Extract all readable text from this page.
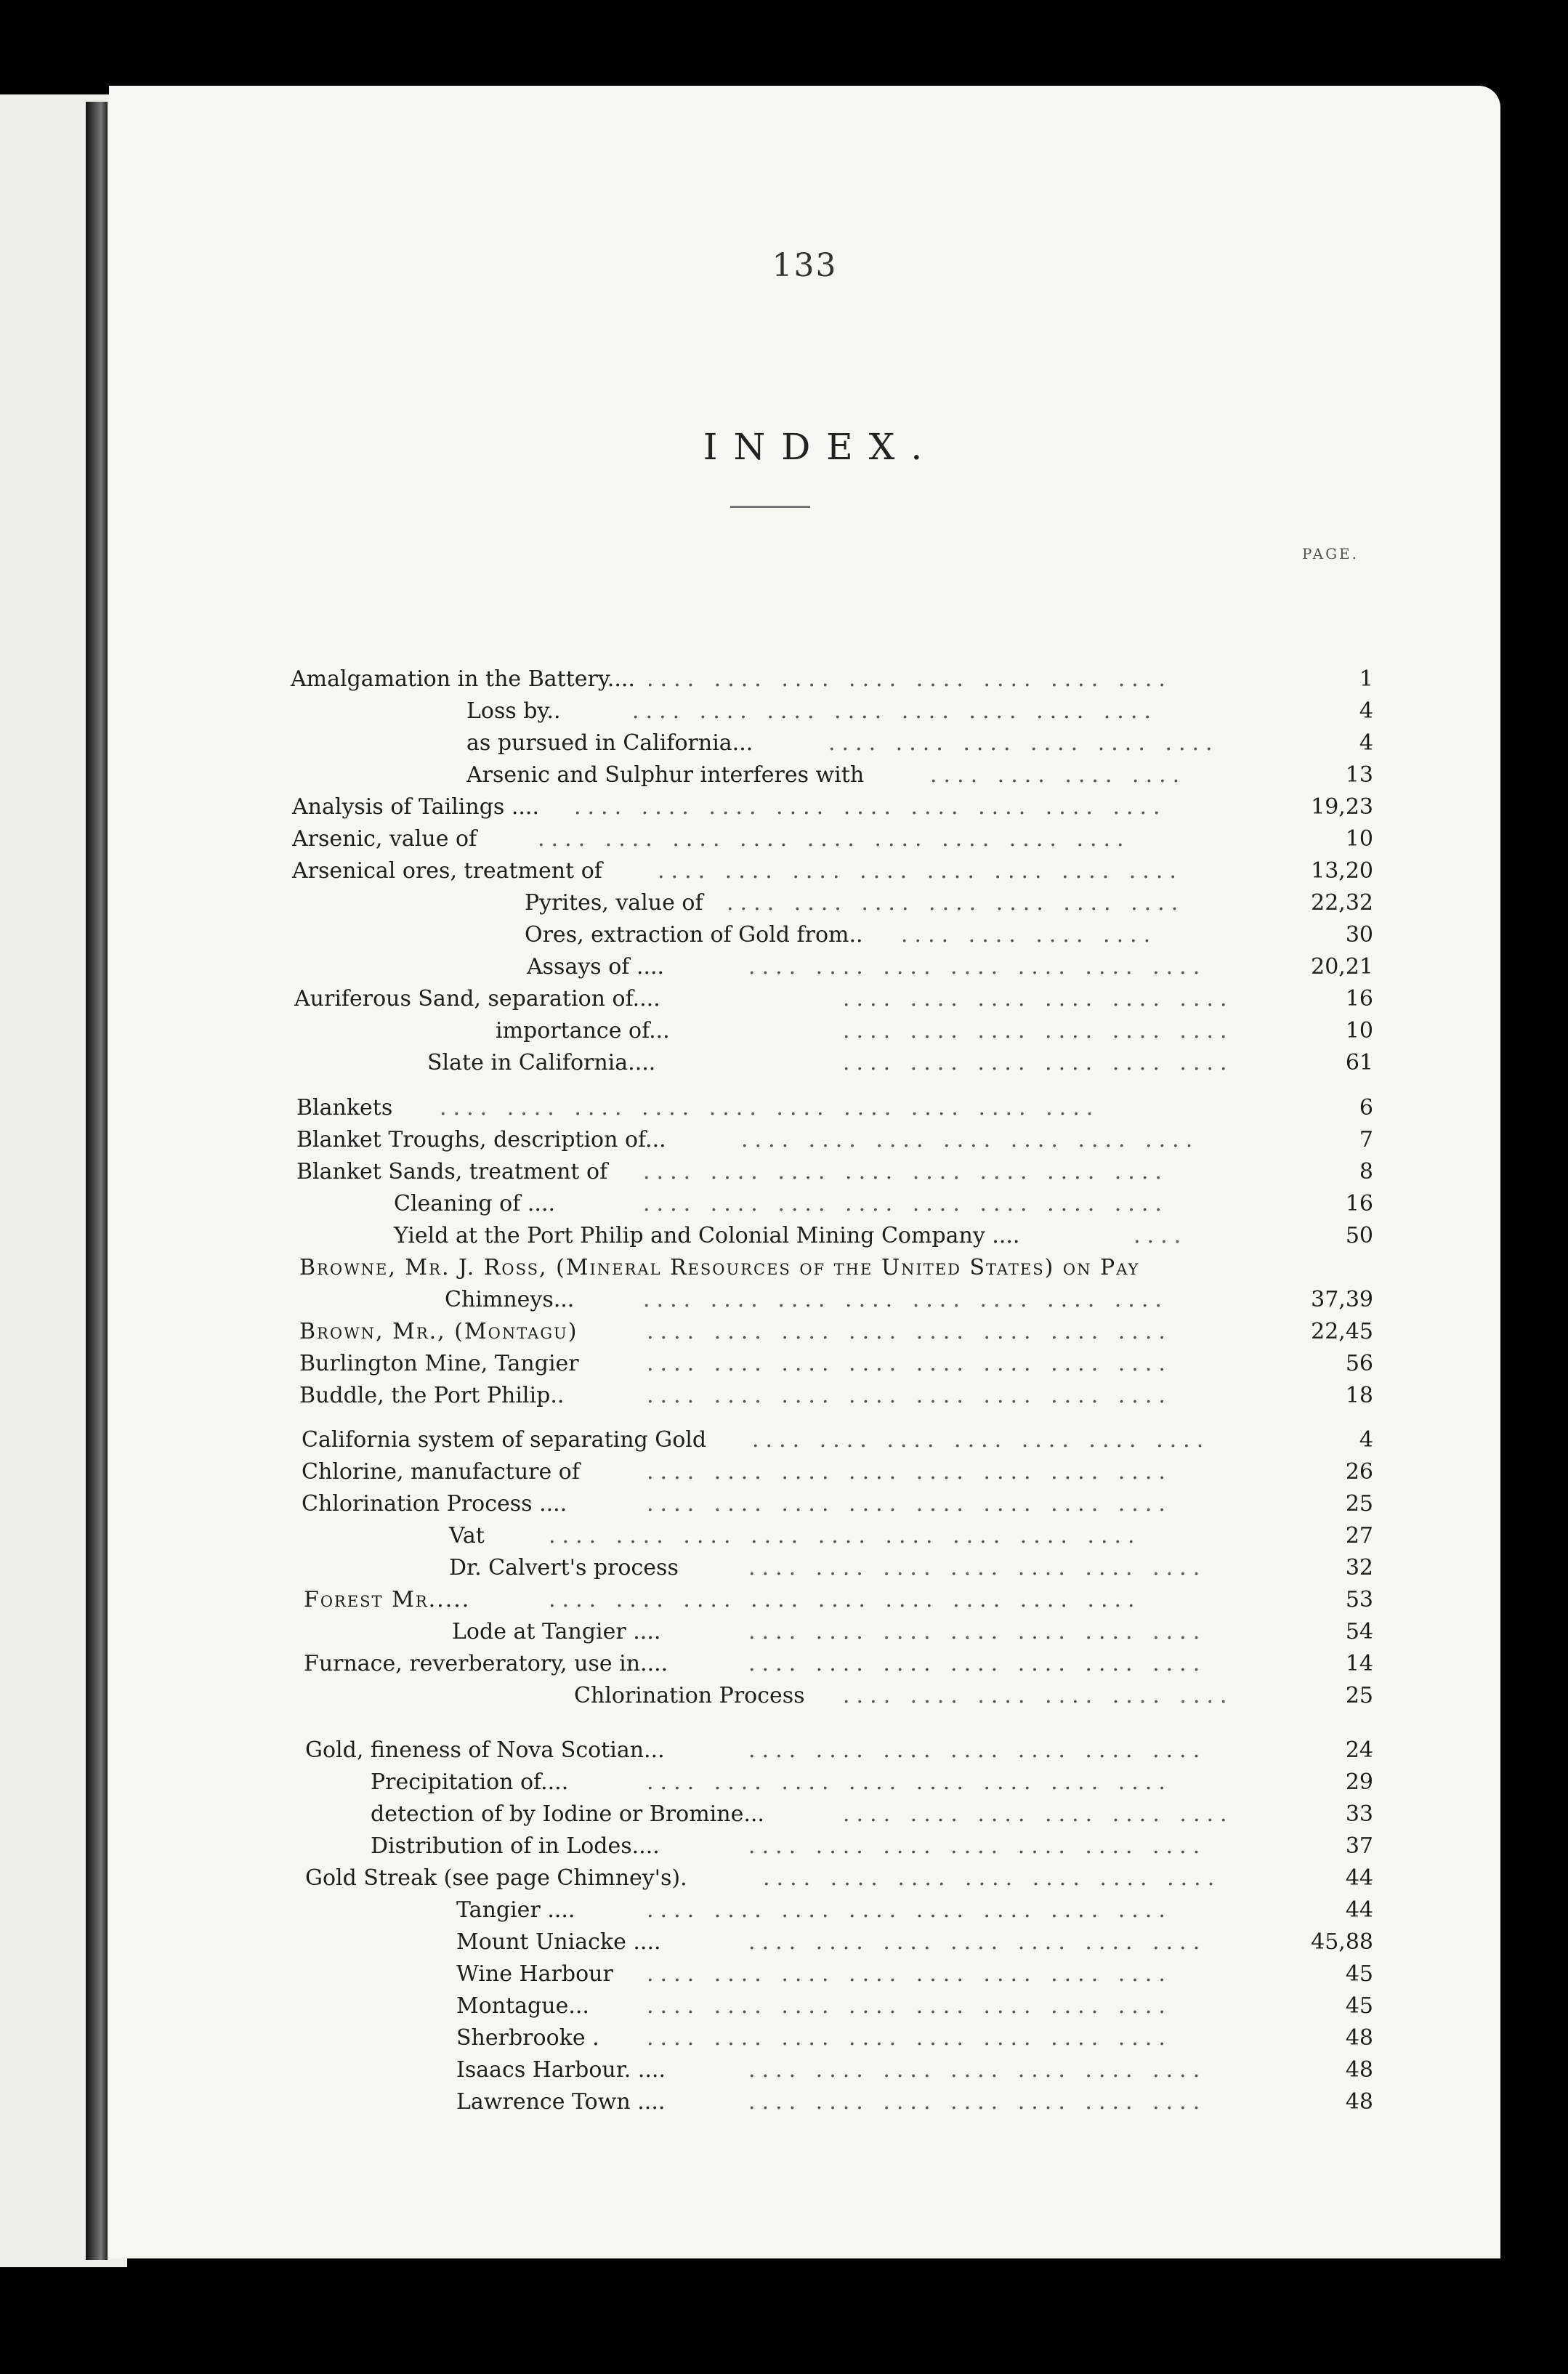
133
INDEX.
PAGE.
Amalgamation in the Battery.... .... .... .... .... .... .... .... ....	1
Loss by..	.... .... .... .... .... .... .... ....	4
as pursued in California...	.... .... .... .... .... ....	4
Arsenic and Sulphur interferes with	.... .... .... ....	13
Analysis of Tailings .... .... .... .... .... .... .... .... .... ....	19,23
Arsenic, value of	.... .... .... .... .... .... .... .... ....	10
Arsenical ores, treatment of	.... .... .... .... .... .... .... ....	13,20
Pyrites, value of .... .... .... .... .... .... ....	22,32
Ores, extraction of Gold from.. .... .... .... ....	30
Assays of ....	.... .... .... .... .... .... ....	20,21
Auriferous Sand, separation of....	.... .... .... .... .... ....	16
importance of...	.... .... .... .... .... ....	10
Slate in California....	.... .... .... .... .... ....	61
Blankets .... .... .... .... .... .... .... .... .... ....	6
Blanket Troughs, description of...	.... .... .... .... .... .... ....	7
Blanket Sands, treatment of .... .... .... .... .... .... .... ....	8
Cleaning of ....	.... .... .... .... .... .... .... ....	16
Yield at the Port Philip and Colonial Mining Company ....	....	50
Browne, Mr. J. Ross, (Mineral Resources of the United States) on Pay
Chimneys...	.... .... .... .... .... .... .... ....	37,39
Brown, Mr., (Montagu)	.... .... .... .... .... .... .... ....	22,45
Burlington Mine, Tangier	.... .... .... .... .... .... .... ....	56
Buddle, the Port Philip..	.... .... .... .... .... .... .... ....	18
California system of separating Gold .... .... .... .... .... .... ....	4
Chlorine, manufacture of	.... .... .... .... .... .... .... ....	26
Chlorination Process ....	.... .... .... .... .... .... .... ....	25
Vat	.... .... .... .... .... .... .... .... ....	27
Dr. Calvert's process	.... .... .... .... .... .... ....	32
Forest Mr.....	.... .... .... .... .... .... .... .... ....	53
Lode at Tangier ....	.... .... .... .... .... .... ....	54
Furnace, reverberatory, use in....	.... .... .... .... .... .... ....	14
Chlorination Process .... .... .... .... .... ....	25
Gold, fineness of Nova Scotian...	.... .... .... .... .... .... ....	24
Precipitation of....	.... .... .... .... .... .... .... ....	29
detection of by Iodine or Bromine...	.... .... .... .... .... ....	33
Distribution of in Lodes....	.... .... .... .... .... .... ....	37
Gold Streak (see page Chimney's).	.... .... .... .... .... .... ....	44
Tangier ....	.... .... .... .... .... .... .... ....	44
Mount Uniacke ....	.... .... .... .... .... .... ....	45,88
Wine Harbour .... .... .... .... .... .... .... ....	45
Montague...	.... .... .... .... .... .... .... ....	45
Sherbrooke . .... .... .... .... .... .... .... ....	48
Isaacs Harbour. ....	.... .... .... .... .... .... ....	48
Lawrence Town ....	.... .... .... .... .... .... ....	48
